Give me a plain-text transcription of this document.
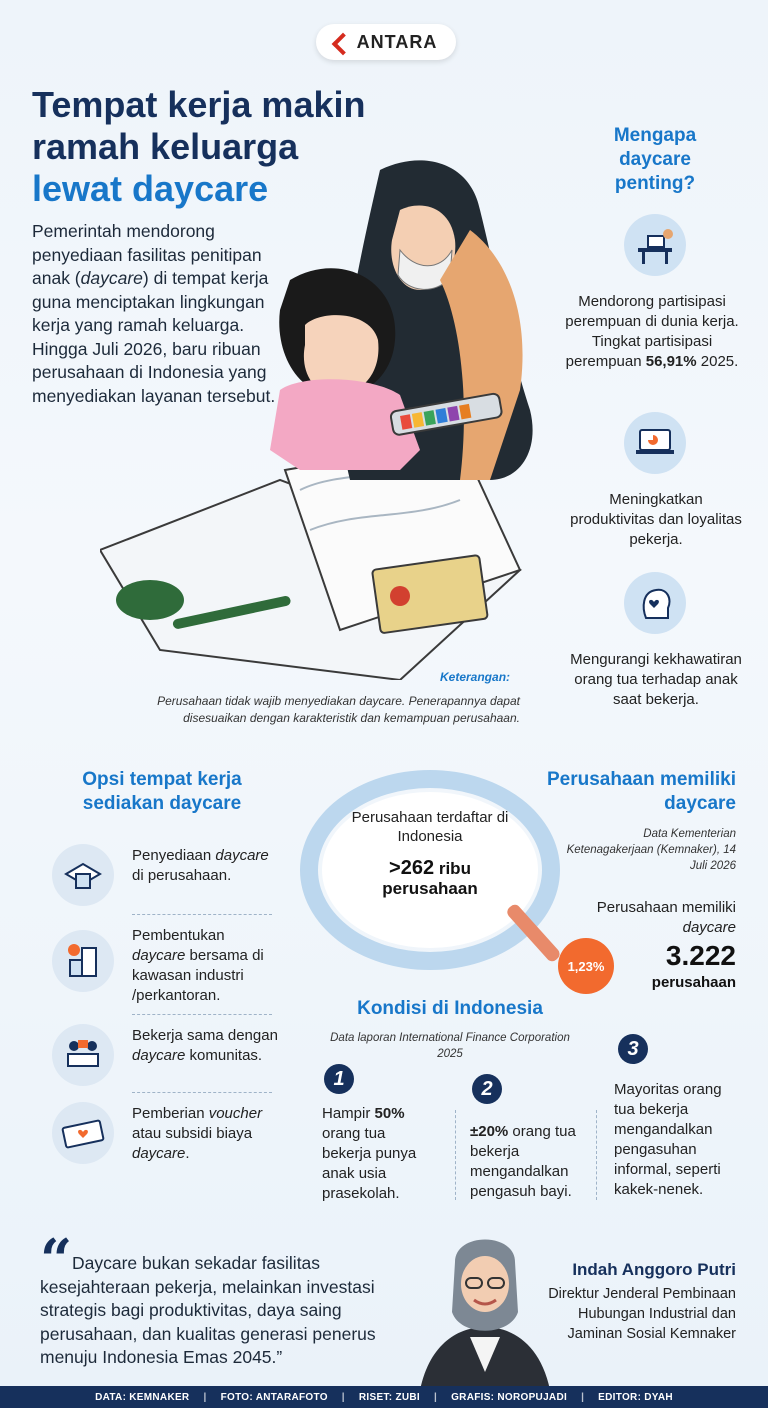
ANTARA
Tempat kerja makin
ramah keluarga
lewat daycare
Pemerintah mendorong penyediaan fasilitas penitipan anak (daycare) di tempat kerja guna menciptakan lingkungan kerja yang ramah keluarga. Hingga Juli 2026, baru ribuan perusahaan di Indonesia yang menyediakan layanan tersebut.
Keterangan:
Perusahaan tidak wajib menyediakan daycare. Penerapannya dapat disesuaikan dengan karakteristik dan kemampuan perusahaan.
Mengapa daycare penting?
Mendorong partisipasi perempuan di dunia kerja. Tingkat partisipasi perempuan 56,91% 2025.
Meningkatkan produktivitas dan loyalitas pekerja.
Mengurangi kekhawatiran orang tua terhadap anak saat bekerja.
Opsi tempat kerja sediakan daycare
Penyediaan daycare di perusahaan.
Pembentukan daycare bersama di kawasan industri /perkantoran.
Bekerja sama dengan daycare komunitas.
Pemberian voucher atau subsidi biaya daycare.
Perusahaan terdaftar di Indonesia
>262 ribu
perusahaan
1,23%
Perusahaan memiliki daycare
Data Kementerian Ketenagakerjaan (Kemnaker), 14 Juli 2026
Perusahaan memiliki daycare
3.222
perusahaan
Kondisi di Indonesia
Data laporan International Finance Corporation 2025
1
Hampir 50% orang tua bekerja punya anak usia prasekolah.
2
±20% orang tua bekerja mengandalkan pengasuh bayi.
3
Mayoritas orang tua bekerja mengandalkan pengasuhan informal, seperti kakek-nenek.
“ Daycare bukan sekadar fasilitas kesejahteraan pekerja, melainkan investasi strategis bagi produktivitas, daya saing perusahaan, dan kualitas generasi penerus menuju Indonesia Emas 2045.”
Indah Anggoro Putri
Direktur Jenderal Pembinaan Hubungan Industrial dan Jaminan Sosial Kemnaker
DATA: KEMNAKER | FOTO: ANTARAFOTO | RISET: ZUBI | GRAFIS: NOROPUJADI | EDITOR: DYAH
